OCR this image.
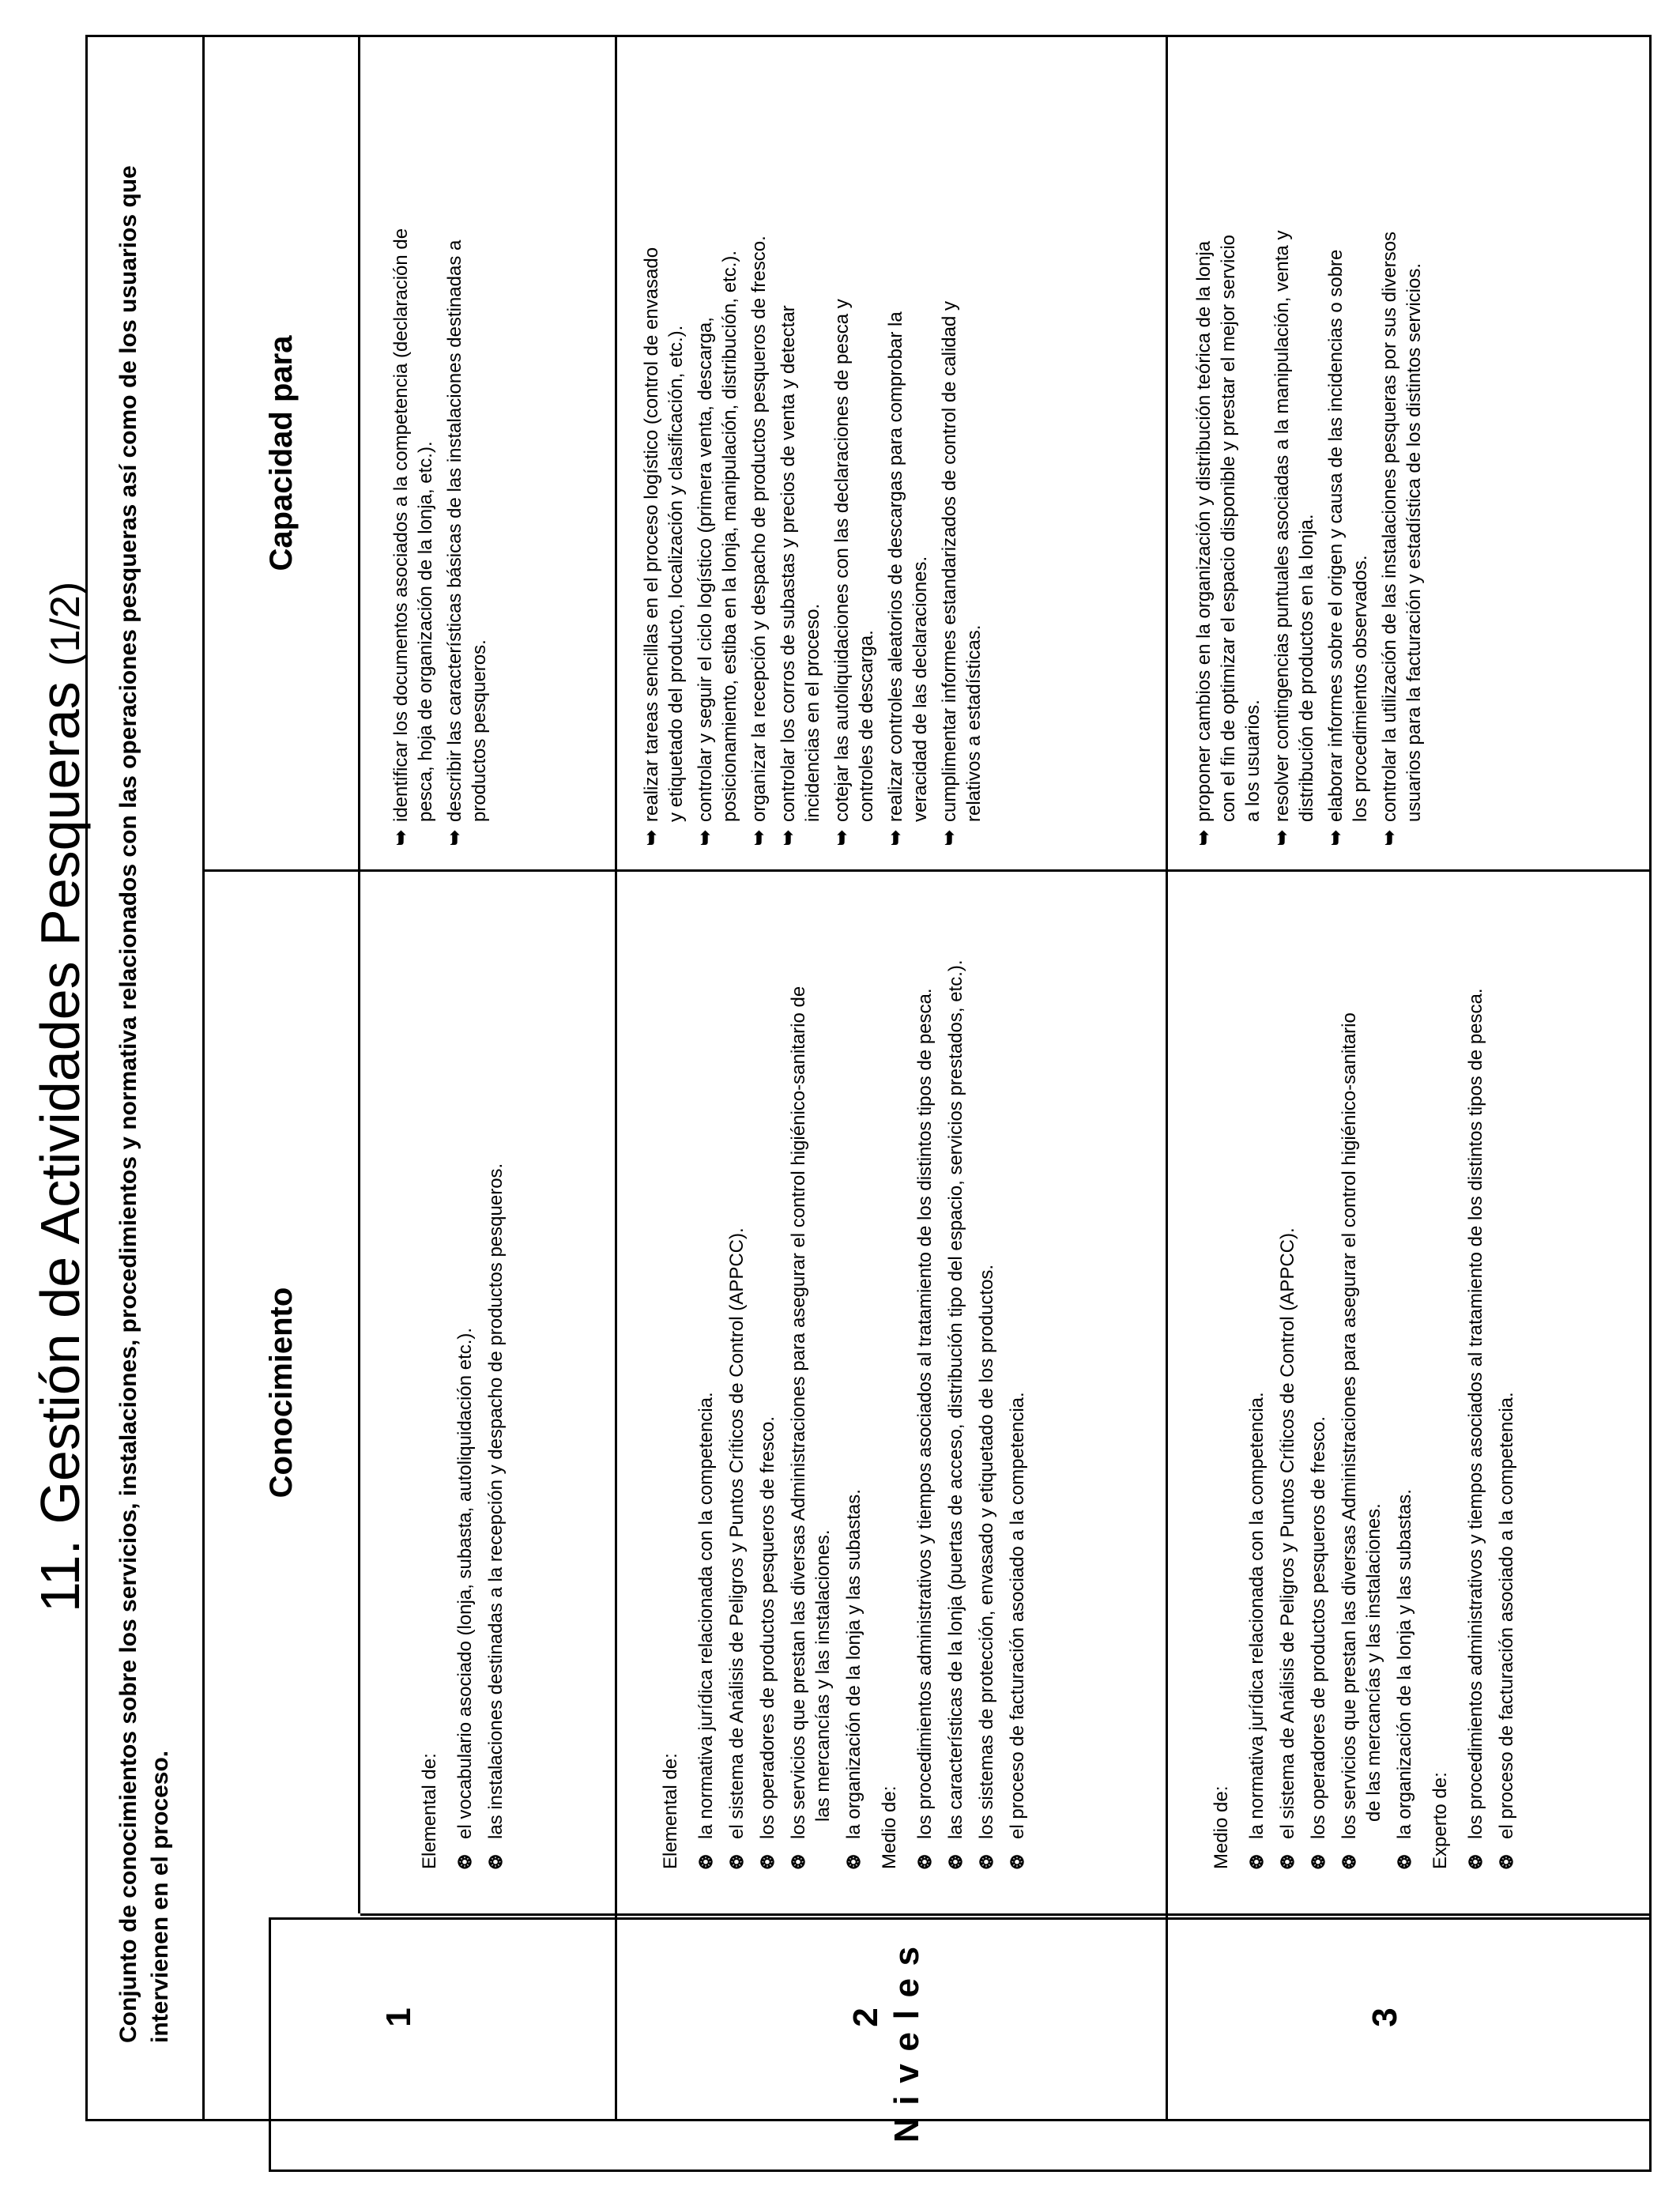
11. Gestión de Actividades Pesqueras (1/2)
N
i
v
e
l
e
s
Conjunto de conocimientos sobre los servicios, instalaciones, procedimientos y normativa relacionados con las operaciones pesqueras así como de los usuarios que intervienen en el proceso.
Conocimiento
Capacidad para
1
Elemental de: ❂
el vocabulario asociado (lonja, subasta, autoliquidación etc.).
❂
las instalaciones destinadas a la recepción y despacho de productos pesqueros.
➥
identificar los documentos asociados a la competencia (declaración de pesca, hoja de organización de la lonja, etc.).
➥
describir las características básicas de las instalaciones destinadas a productos pesqueros.
2
Elemental de: ❂
la normativa jurídica relacionada con la competencia.
❂
el sistema de Análisis de Peligros y Puntos Críticos de Control (APPCC).
❂
los operadores de productos pesqueros de fresco.
❂
los servicios que prestan las diversas Administraciones para asegurar el control higiénico-sanitario de las mercancías y las instalaciones.
❂
la organización de la lonja y las subastas. Medio de: ❂
los procedimientos administrativos y tiempos asociados al tratamiento de los distintos tipos de pesca.
❂
las características de la lonja (puertas de acceso, distribución tipo del espacio, servicios prestados, etc.).
❂
los sistemas de protección, envasado y etiquetado de los productos.
❂
el proceso de facturación asociado a la competencia.
➥
realizar tareas sencillas en el proceso logístico (control de envasado y etiquetado del producto, localización y clasificación, etc.).
➥
controlar y seguir el ciclo logístico (primera venta, descarga, posicionamiento, estiba en la lonja, manipulación, distribución, etc.).
➥
organizar la recepción y despacho de productos pesqueros de fresco.
➥
controlar los corros de subastas y precios de venta y detectar incidencias en el proceso.
➥
cotejar las autoliquidaciones con las declaraciones de pesca y controles de descarga.
➥
realizar controles aleatorios de descargas para comprobar la veracidad de las declaraciones.
➥
cumplimentar informes estandarizados de control de calidad y relativos a estadísticas.
3
Medio de: ❂
la normativa jurídica relacionada con la competencia.
❂
el sistema de Análisis de Peligros y Puntos Críticos de Control (APPCC).
❂
los operadores de productos pesqueros de fresco.
❂
los servicios que prestan las diversas Administraciones para asegurar el control higiénico-sanitario de las mercancías y las instalaciones.
❂
la organización de la lonja y las subastas. Experto de: ❂
los procedimientos administrativos y tiempos asociados al tratamiento de los distintos tipos de pesca.
❂
el proceso de facturación asociado a la competencia.
➥
proponer cambios en la organización y distribución teórica de la lonja con el fin de optimizar el espacio disponible y prestar el mejor servicio a los usuarios.
➥
resolver contingencias puntuales asociadas a la manipulación, venta y distribución de productos en la lonja.
➥
elaborar informes sobre el origen y causa de las incidencias o sobre los procedimientos observados.
➥
controlar la utilización de las instalaciones pesqueras por sus diversos usuarios para la facturación y estadística de los distintos servicios.
